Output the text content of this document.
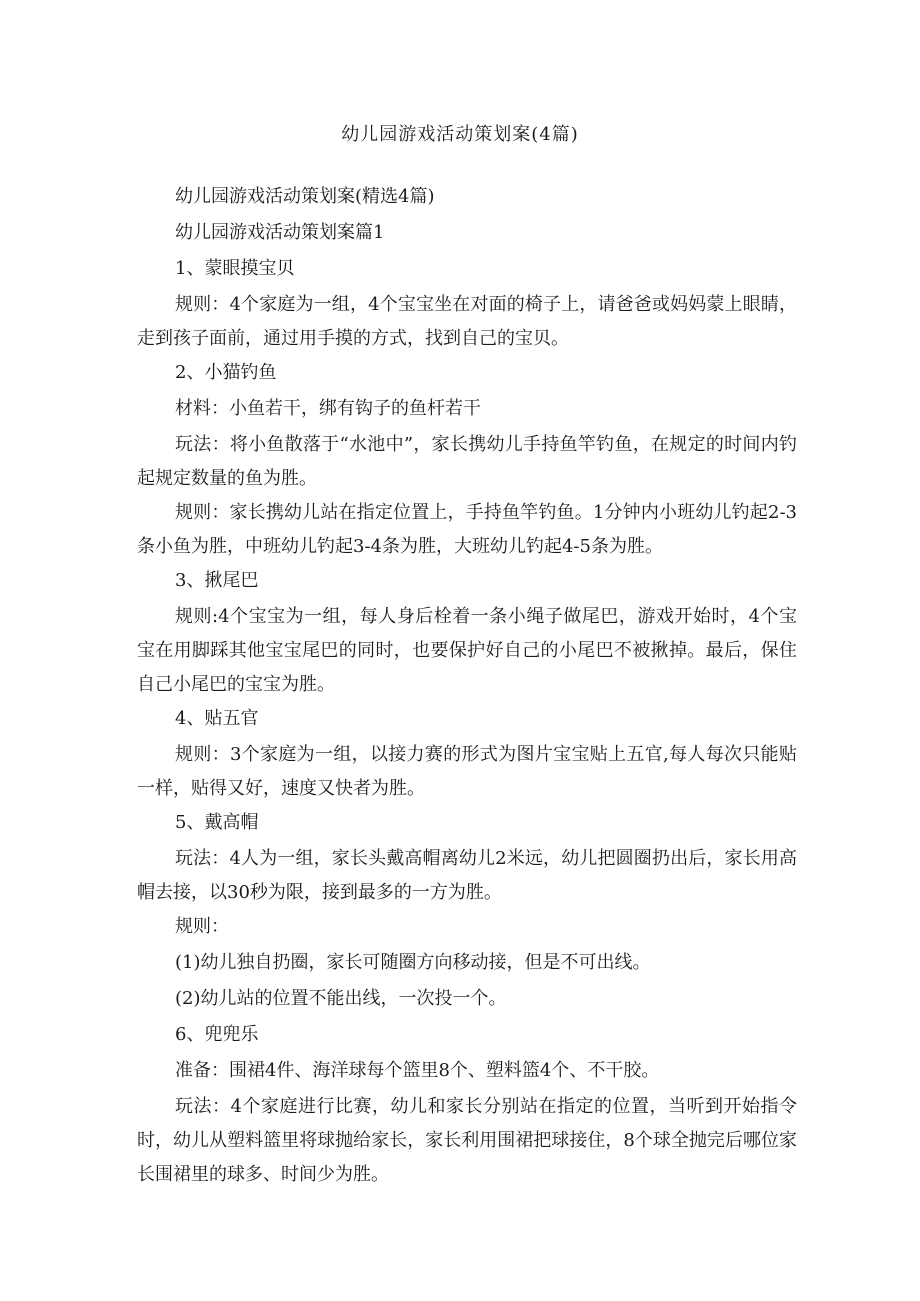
幼儿园游戏活动策划案(4篇)

幼儿园游戏活动策划案(精选4篇)

幼儿园游戏活动策划案篇1

1、蒙眼摸宝贝

规则：4个家庭为一组，4个宝宝坐在对面的椅子上，请爸爸或妈妈蒙上眼睛，走到孩子面前，通过用手摸的方式，找到自己的宝贝。

2、小猫钓鱼

材料：小鱼若干，绑有钩子的鱼杆若干

玩法：将小鱼散落于“水池中”，家长携幼儿手持鱼竿钓鱼，在规定的时间内钓起规定数量的鱼为胜。

规则：家长携幼儿站在指定位置上，手持鱼竿钓鱼。1分钟内小班幼儿钓起2-3条小鱼为胜，中班幼儿钓起3-4条为胜，大班幼儿钓起4-5条为胜。

3、揪尾巴

规则:4个宝宝为一组，每人身后栓着一条小绳子做尾巴，游戏开始时，4个宝宝在用脚踩其他宝宝尾巴的同时，也要保护好自己的小尾巴不被揪掉。最后，保住自己小尾巴的宝宝为胜。

4、贴五官

规则：3个家庭为一组，以接力赛的形式为图片宝宝贴上五官,每人每次只能贴一样，贴得又好，速度又快者为胜。

5、戴高帽

玩法：4人为一组，家长头戴高帽离幼儿2米远，幼儿把圆圈扔出后，家长用高帽去接，以30秒为限，接到最多的一方为胜。

规则：

(1)幼儿独自扔圈，家长可随圈方向移动接，但是不可出线。

(2)幼儿站的位置不能出线，一次投一个。

6、兜兜乐

准备：围裙4件、海洋球每个篮里8个、塑料篮4个、不干胶。

玩法：4个家庭进行比赛，幼儿和家长分别站在指定的位置，当听到开始指令时，幼儿从塑料篮里将球抛给家长，家长利用围裙把球接住，8个球全抛完后哪位家长围裙里的球多、时间少为胜。
